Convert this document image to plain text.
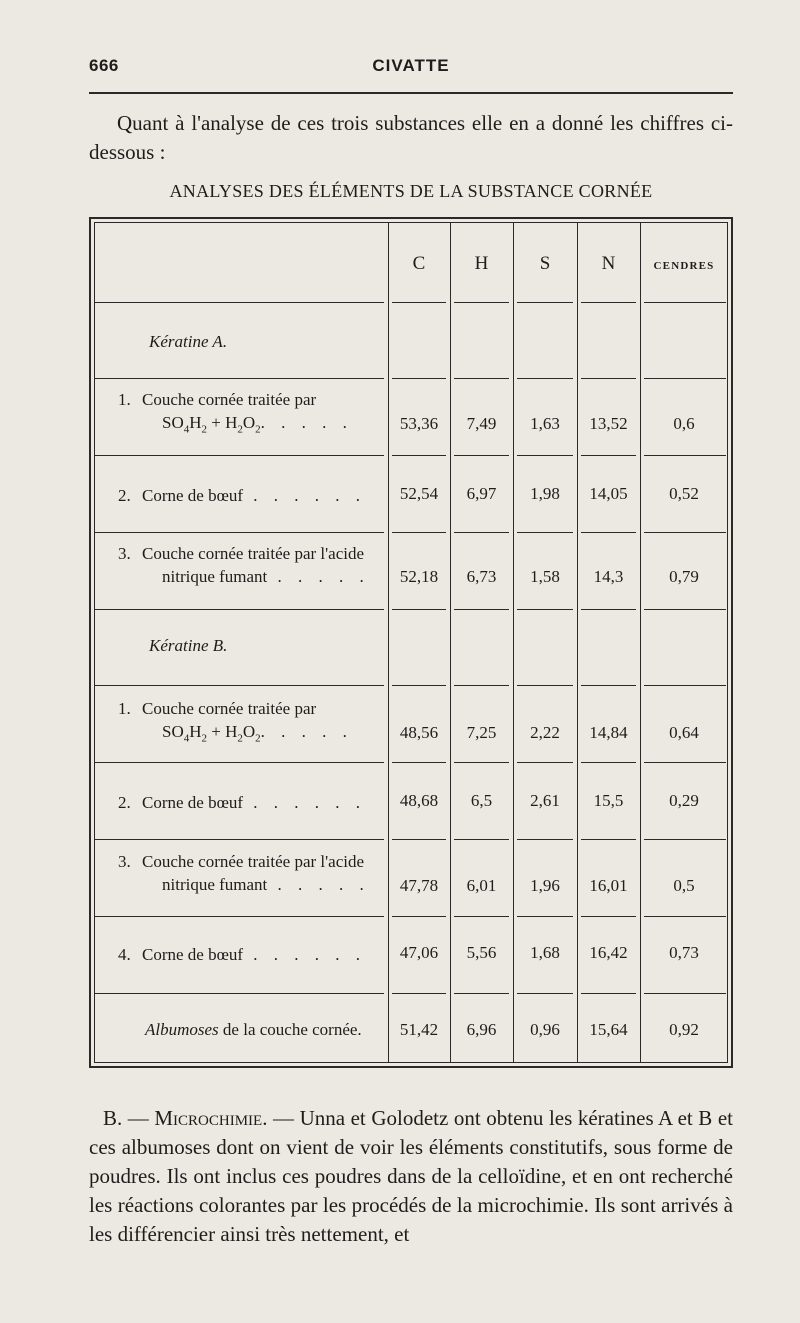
666	CIVATTE
Quant à l'analyse de ces trois substances elle en a donné les chiffres ci-dessous :
ANALYSES DES ÉLÉMENTS DE LA SUBSTANCE CORNÉE
C	H	S	N	CENDRES
Kératine A.
1. Couche cornée traitée par
$SO_4H_2 + H_2O_2$. . . . .	53,36	7,49	1,63	13,52	0,6
2. Corne de bœuf . . . . . .	52,54	6,97	1,98	14,05	0,52
3. Couche cornée traitée par l'acide
nitrique fumant . . . . .	52,18	6,73	1,58	14,3	0,79
Kératine B.
1. Couche cornée traitée par
$SO_4H_2 + H_2O_2$. . . . .	48,56	7,25	2,22	14,84	0,64
2. Corne de bœuf . . . . . .	48,68	6,5	2,61	15,5	0,29
3. Couche cornée traitée par l'acide
nitrique fumant . . . . .	47,78	6,01	1,96	16,01	0,5
4. Corne de bœuf . . . . . .	47,06	5,56	1,68	16,42	0,73
Albumoses de la couche cornée.	51,42	6,96	0,96	15,64	0,92
B. — Microchimie. — Unna et Golodetz ont obtenu les kératines A et B et ces albumoses dont on vient de voir les éléments constitutifs, sous forme de poudres. Ils ont inclus ces poudres dans de la celloïdine, et en ont recherché les réactions colorantes par les procédés de la microchimie. Ils sont arrivés à les différencier ainsi très nettement, et
